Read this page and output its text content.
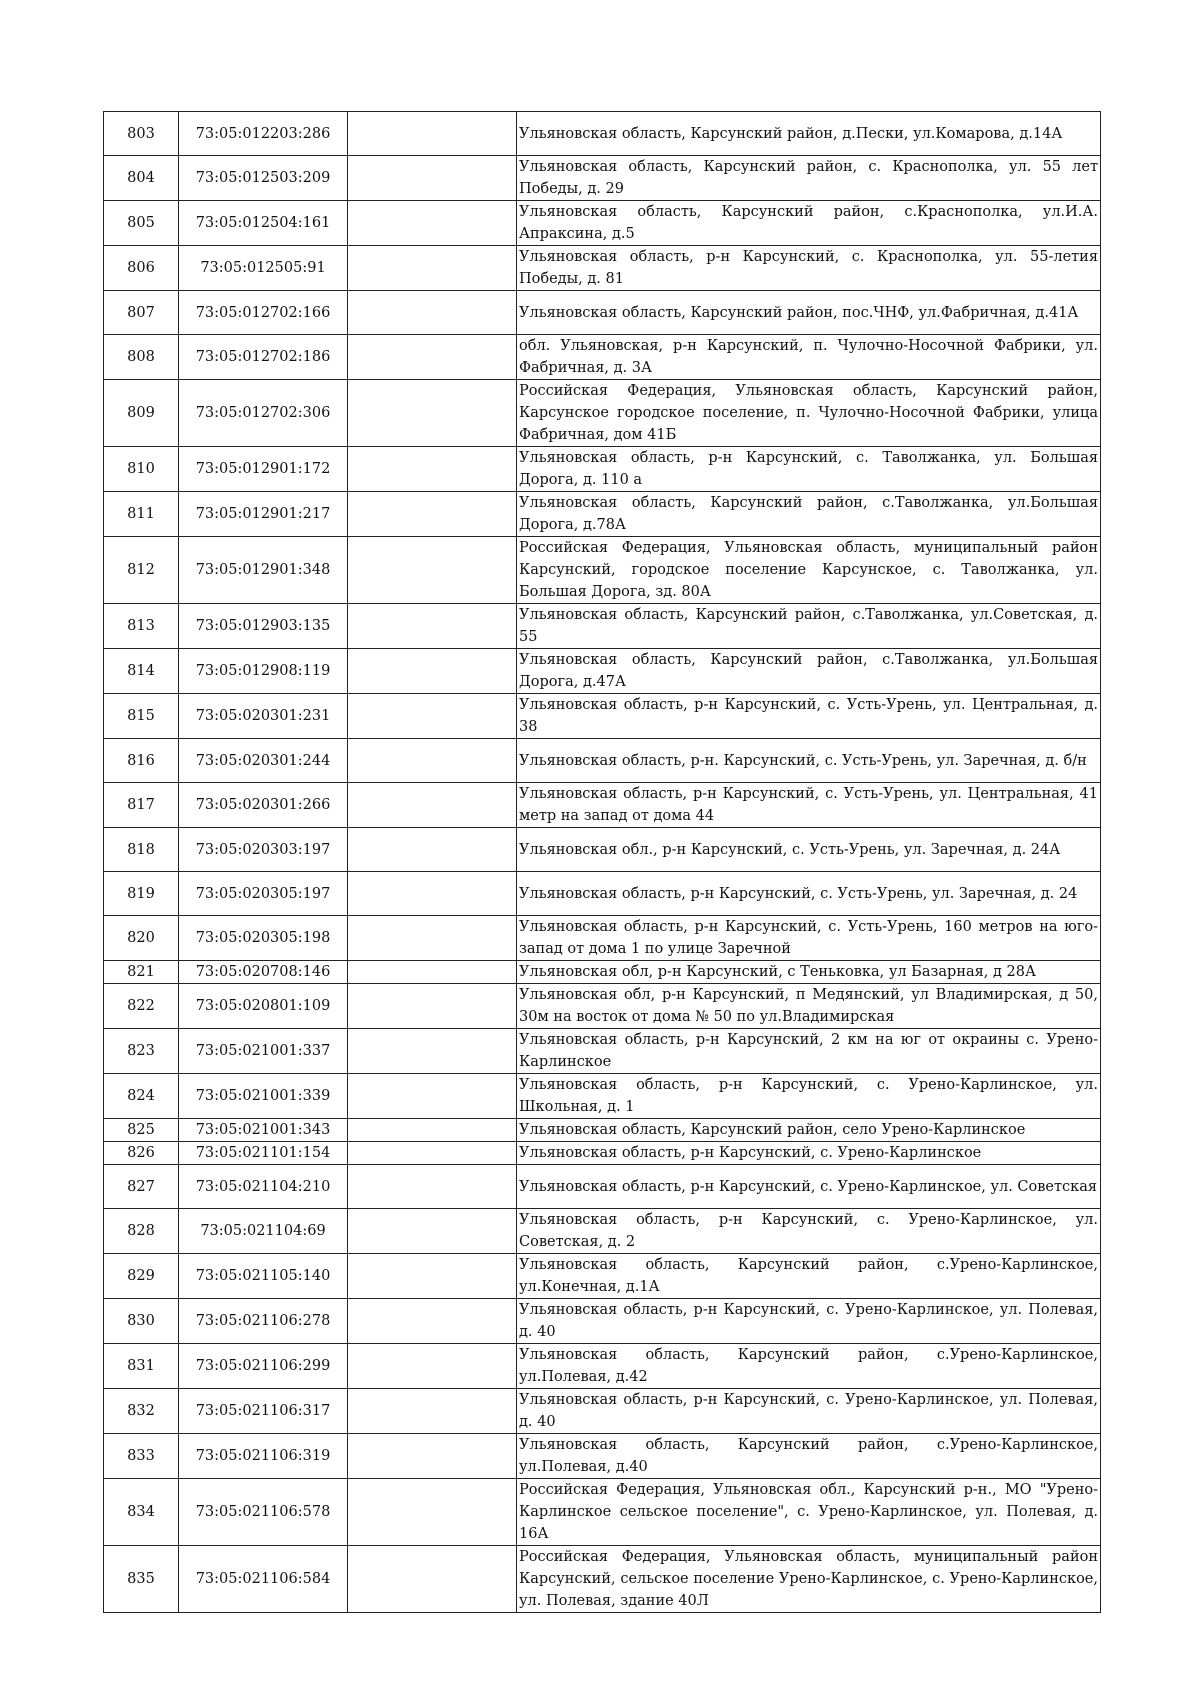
803	73:05:012203:286		Ульяновская область, Карсунский район, д.Пески, ул.Комарова, д.14А
804	73:05:012503:209		Ульяновская область, Карсунский район, с. Краснополка, ул. 55 лет Победы, д. 29
805	73:05:012504:161		Ульяновская область, Карсунский район, с.Краснополка, ул.И.А. Апраксина, д.5
806	73:05:012505:91		Ульяновская область, р-н Карсунский, с. Краснополка, ул. 55-летия Победы, д. 81
807	73:05:012702:166		Ульяновская область, Карсунский район, пос.ЧНФ, ул.Фабричная, д.41А
808	73:05:012702:186		обл. Ульяновская, р-н Карсунский, п. Чулочно-Носочной Фабрики, ул. Фабричная, д. 3А
809	73:05:012702:306		Российская Федерация, Ульяновская область, Карсунский район, Карсунское городское поселение, п. Чулочно-Носочной Фабрики, улица Фабричная, дом 41Б
810	73:05:012901:172		Ульяновская область, р-н Карсунский, с. Таволжанка, ул. Большая Дорога, д. 110 а
811	73:05:012901:217		Ульяновская область, Карсунский район, с.Таволжанка, ул.Большая Дорога, д.78А
812	73:05:012901:348		Российская Федерация, Ульяновская область, муниципальный район Карсунский, городское поселение Карсунское, с. Таволжанка, ул. Большая Дорога, зд. 80А
813	73:05:012903:135		Ульяновская область, Карсунский район, с.Таволжанка, ул.Советская, д. 55
814	73:05:012908:119		Ульяновская область, Карсунский район, с.Таволжанка, ул.Большая Дорога, д.47А
815	73:05:020301:231		Ульяновская область, р-н Карсунский, с. Усть-Урень, ул. Центральная, д. 38
816	73:05:020301:244		Ульяновская область, р-н. Карсунский, с. Усть-Урень, ул. Заречная, д. б/н
817	73:05:020301:266		Ульяновская область, р-н Карсунский, с. Усть-Урень, ул. Центральная, 41 метр на запад от дома 44
818	73:05:020303:197		Ульяновская обл., р-н Карсунский, с. Усть-Урень, ул. Заречная, д. 24А
819	73:05:020305:197		Ульяновская область, р-н Карсунский, с. Усть-Урень, ул. Заречная, д. 24
820	73:05:020305:198		Ульяновская область, р-н Карсунский, с. Усть-Урень, 160 метров на юго-запад от дома 1 по улице Заречной
821	73:05:020708:146		Ульяновская обл, р-н Карсунский, с Теньковка, ул Базарная, д 28А
822	73:05:020801:109		Ульяновская обл, р-н Карсунский, п Медянский, ул Владимирская, д 50, 30м на восток от дома № 50 по ул.Владимирская
823	73:05:021001:337		Ульяновская область, р-н Карсунский, 2 км на юг от окраины с. Урено-Карлинское
824	73:05:021001:339		Ульяновская область, р-н Карсунский, с. Урено-Карлинское, ул. Школьная, д. 1
825	73:05:021001:343		Ульяновская область, Карсунский район, село Урено-Карлинское
826	73:05:021101:154		Ульяновская область, р-н Карсунский, с. Урено-Карлинское
827	73:05:021104:210		Ульяновская область, р-н Карсунский, с. Урено-Карлинское, ул. Советская
828	73:05:021104:69		Ульяновская область, р-н Карсунский, с. Урено-Карлинское, ул. Советская, д. 2
829	73:05:021105:140		Ульяновская область, Карсунский район, с.Урено-Карлинское, ул.Конечная, д.1А
830	73:05:021106:278		Ульяновская область, р-н Карсунский, с. Урено-Карлинское, ул. Полевая, д. 40
831	73:05:021106:299		Ульяновская область, Карсунский район, с.Урено-Карлинское, ул.Полевая, д.42
832	73:05:021106:317		Ульяновская область, р-н Карсунский, с. Урено-Карлинское, ул. Полевая, д. 40
833	73:05:021106:319		Ульяновская область, Карсунский район, с.Урено-Карлинское, ул.Полевая, д.40
834	73:05:021106:578		Российская Федерация, Ульяновская обл., Карсунский р-н., МО "Урено-Карлинское сельское поселение", с. Урено-Карлинское, ул. Полевая, д. 16А
835	73:05:021106:584		Российская Федерация, Ульяновская область, муниципальный район Карсунский, сельское поселение Урено-Карлинское, с. Урено-Карлинское, ул. Полевая, здание 40Л
